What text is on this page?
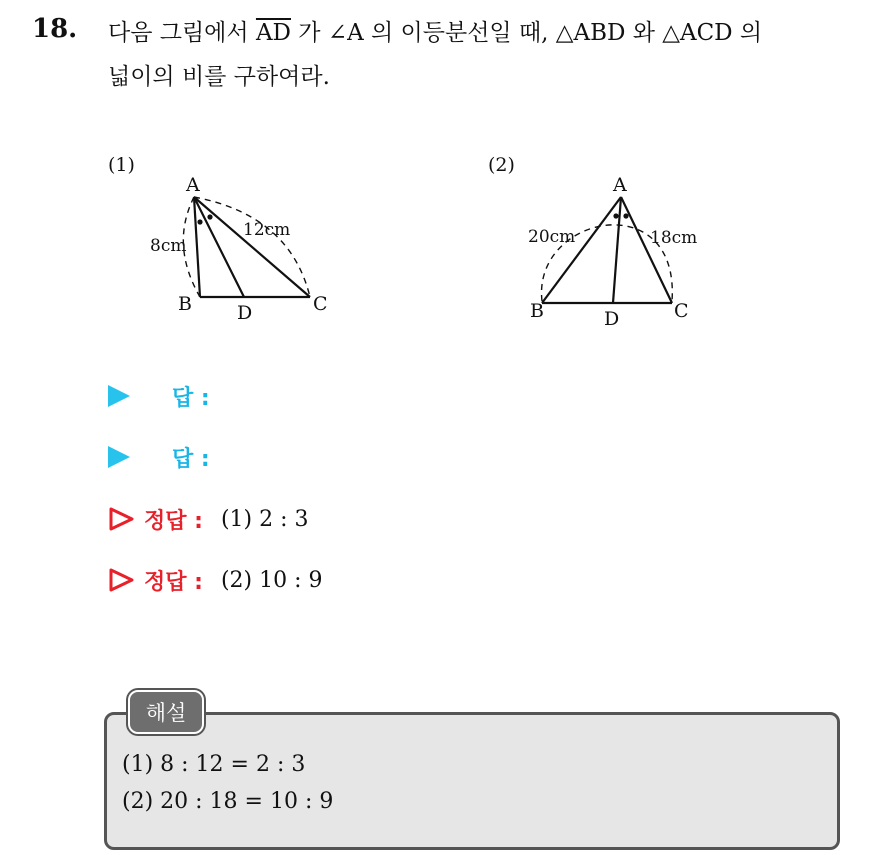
18. 다음 그림에서 $\overline{AD}$ 가 ∠A 의 이등분선일 때, △ABD 와 △ACD 의
넓이의 비를 구하여라.
(1)
A
B D	C
8cm
12cm
(2)
A
B	D	C
20cm	18cm
답 :
답 :
정답 : (1) 2 : 3
정답 : (2) 10 : 9
해설
(1) 8 : 12 = 2 : 3
(2) 20 : 18 = 10 : 9
